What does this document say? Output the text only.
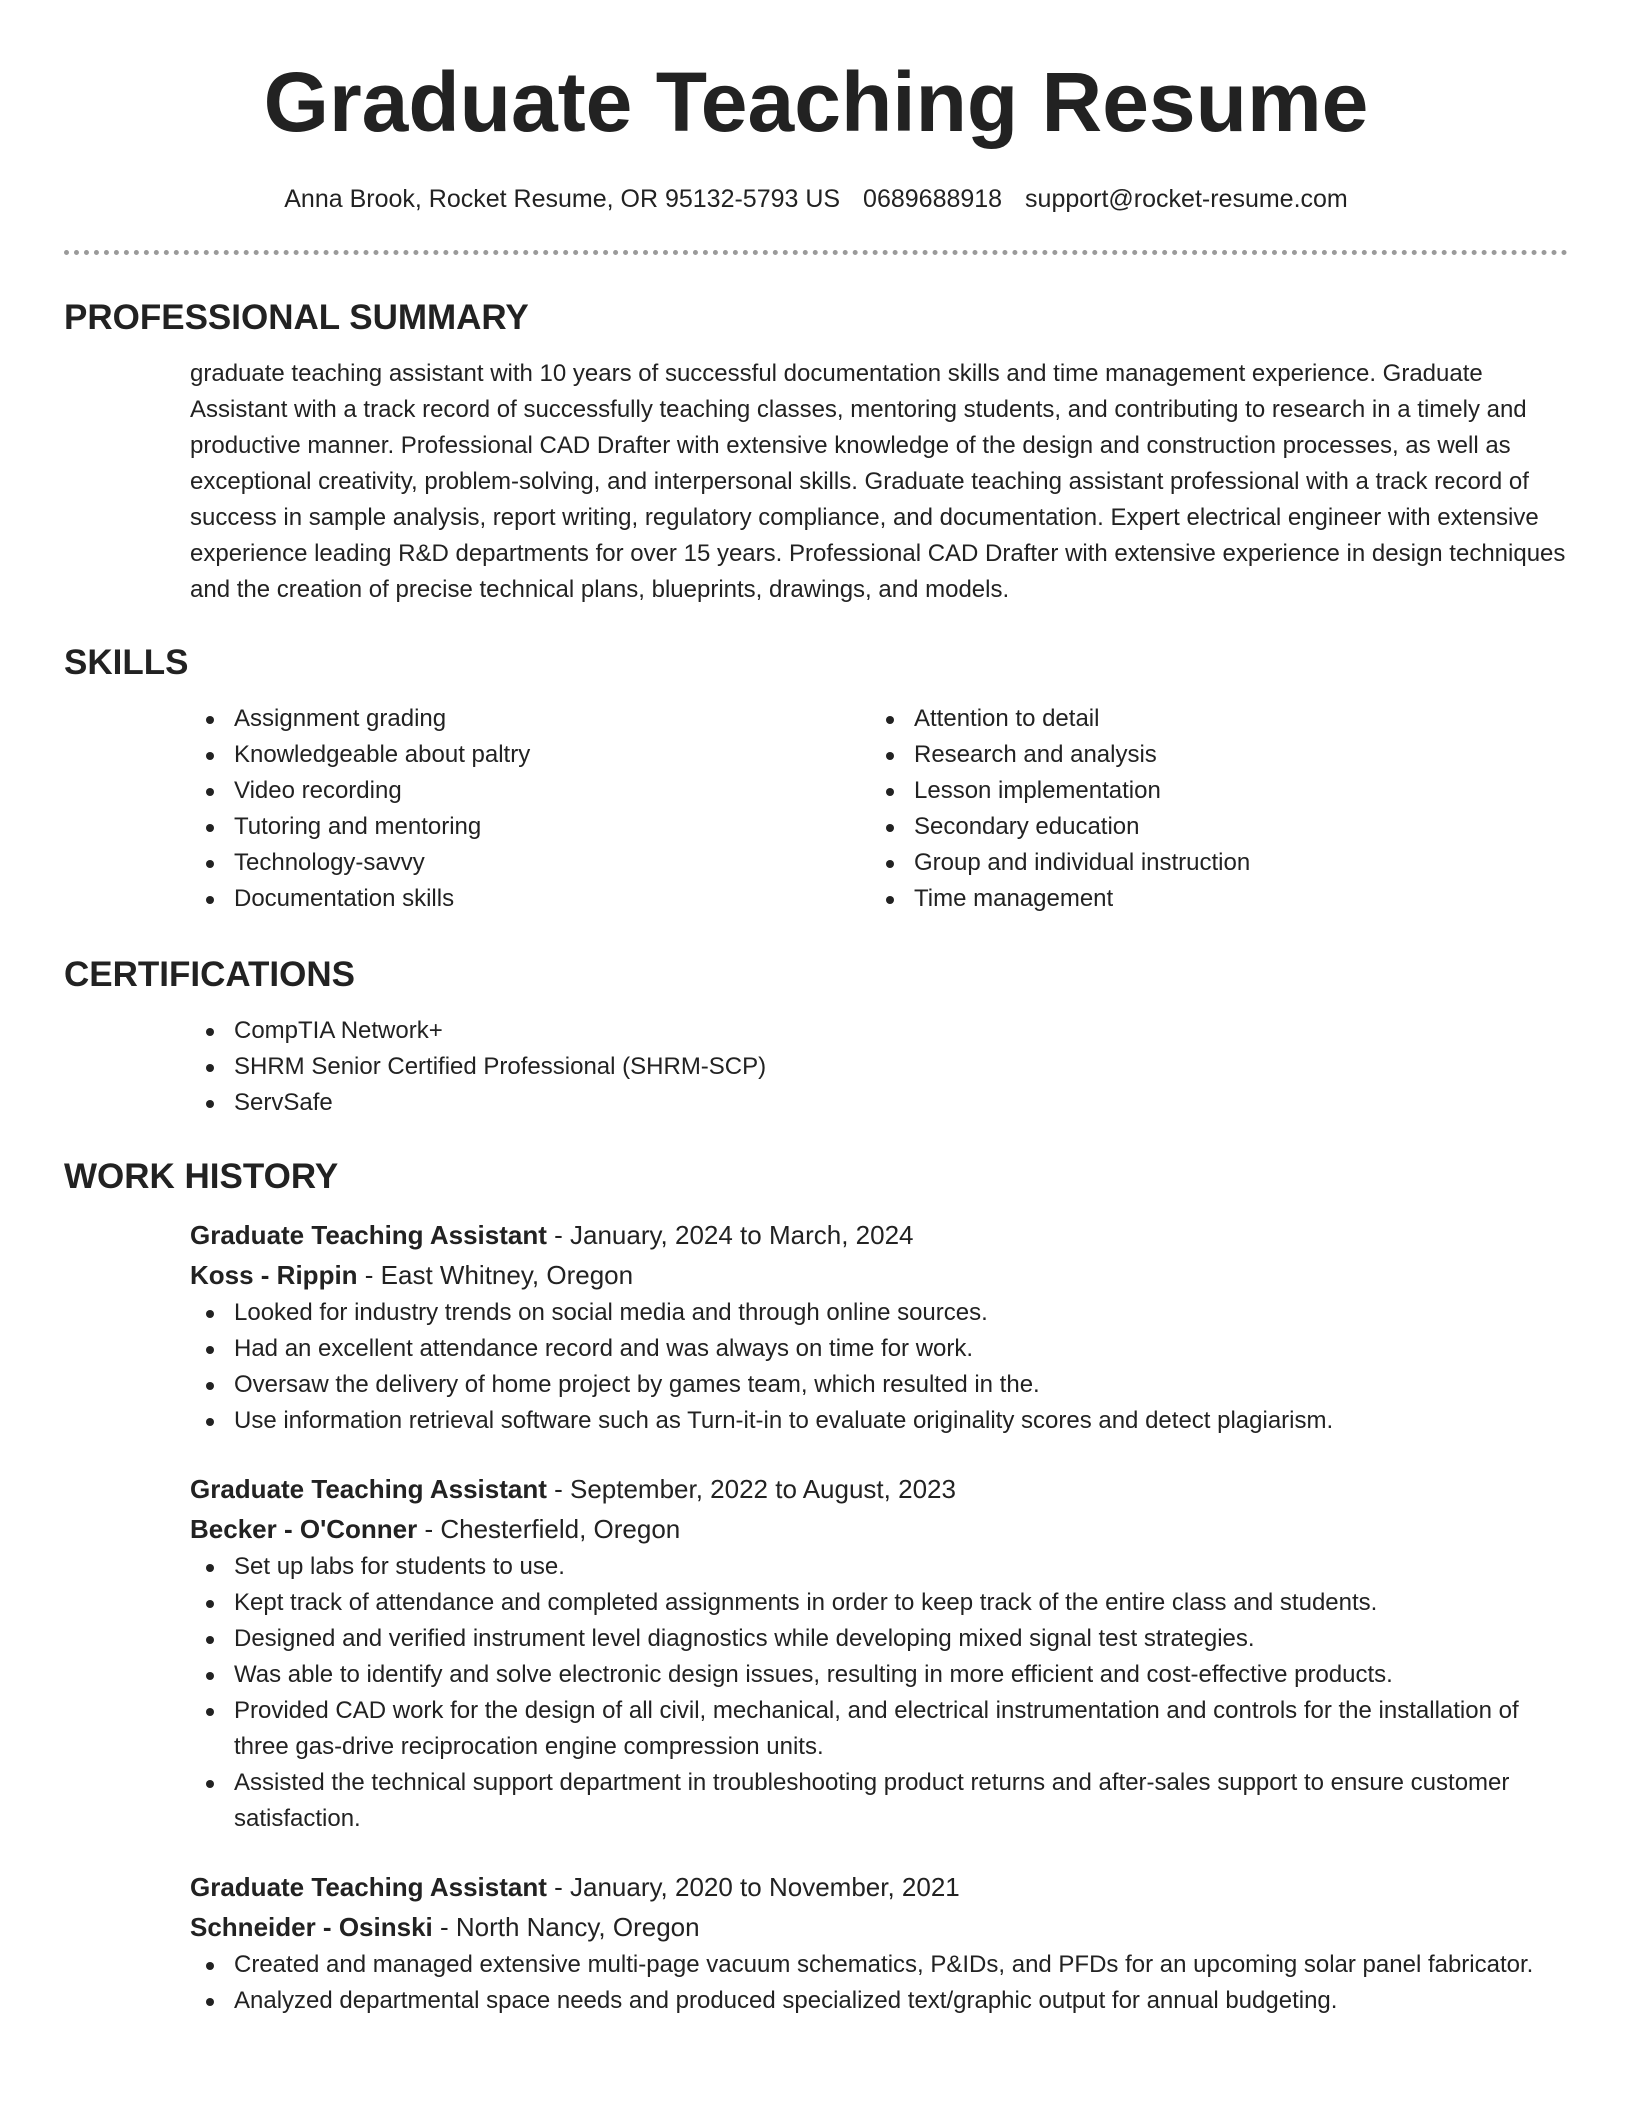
Graduate Teaching Resume
Anna Brook, Rocket Resume, OR 95132-5793 US 0689688918 support@rocket-resume.com
PROFESSIONAL SUMMARY

graduate teaching assistant with 10 years of successful documentation skills and time management experience. Graduate Assistant with a track record of successfully teaching classes, mentoring students, and contributing to research in a timely and productive manner. Professional CAD Drafter with extensive knowledge of the design and construction processes, as well as exceptional creativity, problem-solving, and interpersonal skills. Graduate teaching assistant professional with a track record of success in sample analysis, report writing, regulatory compliance, and documentation. Expert electrical engineer with extensive experience leading R&D departments for over 15 years. Professional CAD Drafter with extensive experience in design techniques and the creation of precise technical plans, blueprints, drawings, and models.

SKILLS
Assignment grading
Knowledgeable about paltry
Video recording
Tutoring and mentoring
Technology-savvy
Documentation skills
Attention to detail
Research and analysis
Lesson implementation
Secondary education
Group and individual instruction
Time management
CERTIFICATIONS
CompTIA Network+
SHRM Senior Certified Professional (SHRM-SCP)
ServSafe
WORK HISTORY
Graduate Teaching Assistant - January, 2024 to March, 2024
Koss - Rippin - East Whitney, Oregon
Looked for industry trends on social media and through online sources.
Had an excellent attendance record and was always on time for work.
Oversaw the delivery of home project by games team, which resulted in the.
Use information retrieval software such as Turn-it-in to evaluate originality scores and detect plagiarism.
Graduate Teaching Assistant - September, 2022 to August, 2023
Becker - O'Conner - Chesterfield, Oregon
Set up labs for students to use.
Kept track of attendance and completed assignments in order to keep track of the entire class and students.
Designed and verified instrument level diagnostics while developing mixed signal test strategies.
Was able to identify and solve electronic design issues, resulting in more efficient and cost-effective products.
Provided CAD work for the design of all civil, mechanical, and electrical instrumentation and controls for the installation of three gas-drive reciprocation engine compression units.
Assisted the technical support department in troubleshooting product returns and after-sales support to ensure customer satisfaction.
Graduate Teaching Assistant - January, 2020 to November, 2021
Schneider - Osinski - North Nancy, Oregon
Created and managed extensive multi-page vacuum schematics, P&IDs, and PFDs for an upcoming solar panel fabricator.
Analyzed departmental space needs and produced specialized text/graphic output for annual budgeting.
